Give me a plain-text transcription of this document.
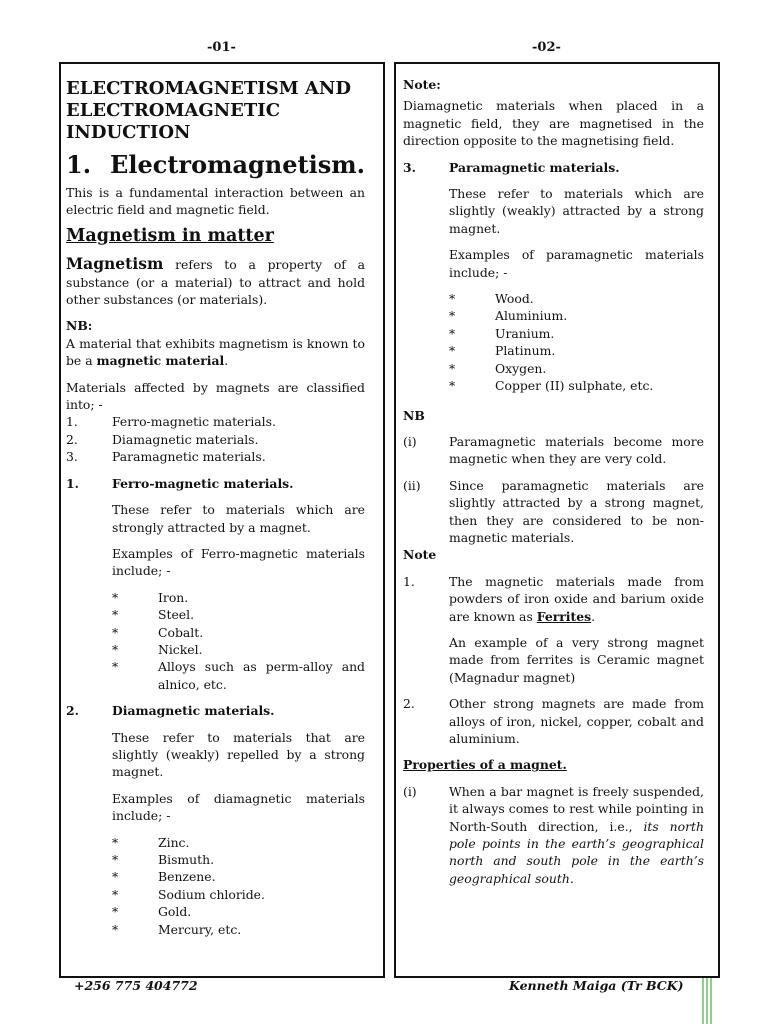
-01-	-02-
ELECTROMAGNETISM AND ELECTROMAGNETIC INDUCTION
1. Electromagnetism.

This is a fundamental interaction between an electric field and magnetic field.

Magnetism in matter

Magnetism refers to a property of a substance (or a material) to attract and hold other substances (or materials).

NB:

A material that exhibits magnetism is known to be a magnetic material.

Materials affected by magnets are classified into; -
1.	Ferro-magnetic materials.
2.	Diamagnetic materials.
3.	Paramagnetic materials.
1.	Ferro-magnetic materials.

These refer to materials which are strongly attracted by a magnet.

Examples of Ferro-magnetic materials include; -

*	Iron.
*	Steel.
*	Cobalt.
*	Nickel.
*	Alloys such as perm-alloy and alnico, etc.
2.	Diamagnetic materials.

These refer to materials that are slightly (weakly) repelled by a strong magnet.

Examples of diamagnetic materials include; -

*	Zinc.
*	Bismuth.
*	Benzene.
*	Sodium chloride.
*	Gold.
*	Mercury, etc.
Note:

Diamagnetic materials when placed in a magnetic field, they are magnetised in the direction opposite to the magnetising field.

3.	Paramagnetic materials.

These refer to materials which are slightly (weakly) attracted by a strong magnet.

Examples of paramagnetic materials include; -

*	Wood.
*	Aluminium.
*	Uranium.
*	Platinum.
*	Oxygen.
*	Copper (II) sulphate, etc.
NB
(i)	Paramagnetic materials become more magnetic when they are very cold.
(ii)	Since paramagnetic materials are slightly attracted by a strong magnet, then they are considered to be non-magnetic materials.
Note
1.	The magnetic materials made from powders of iron oxide and barium oxide are known as Ferrites.

An example of a very strong magnet made from ferrites is Ceramic magnet (Magnadur magnet)

2.	Other strong magnets are made from alloys of iron, nickel, copper, cobalt and aluminium.
Properties of a magnet.
(i)	When a bar magnet is freely suspended, it always comes to rest while pointing in North-South direction, i.e., its north pole points in the earth’s geographical north and south pole in the earth’s geographical south.
+256 775 404772	Kenneth Maiga (Tr BCK)
